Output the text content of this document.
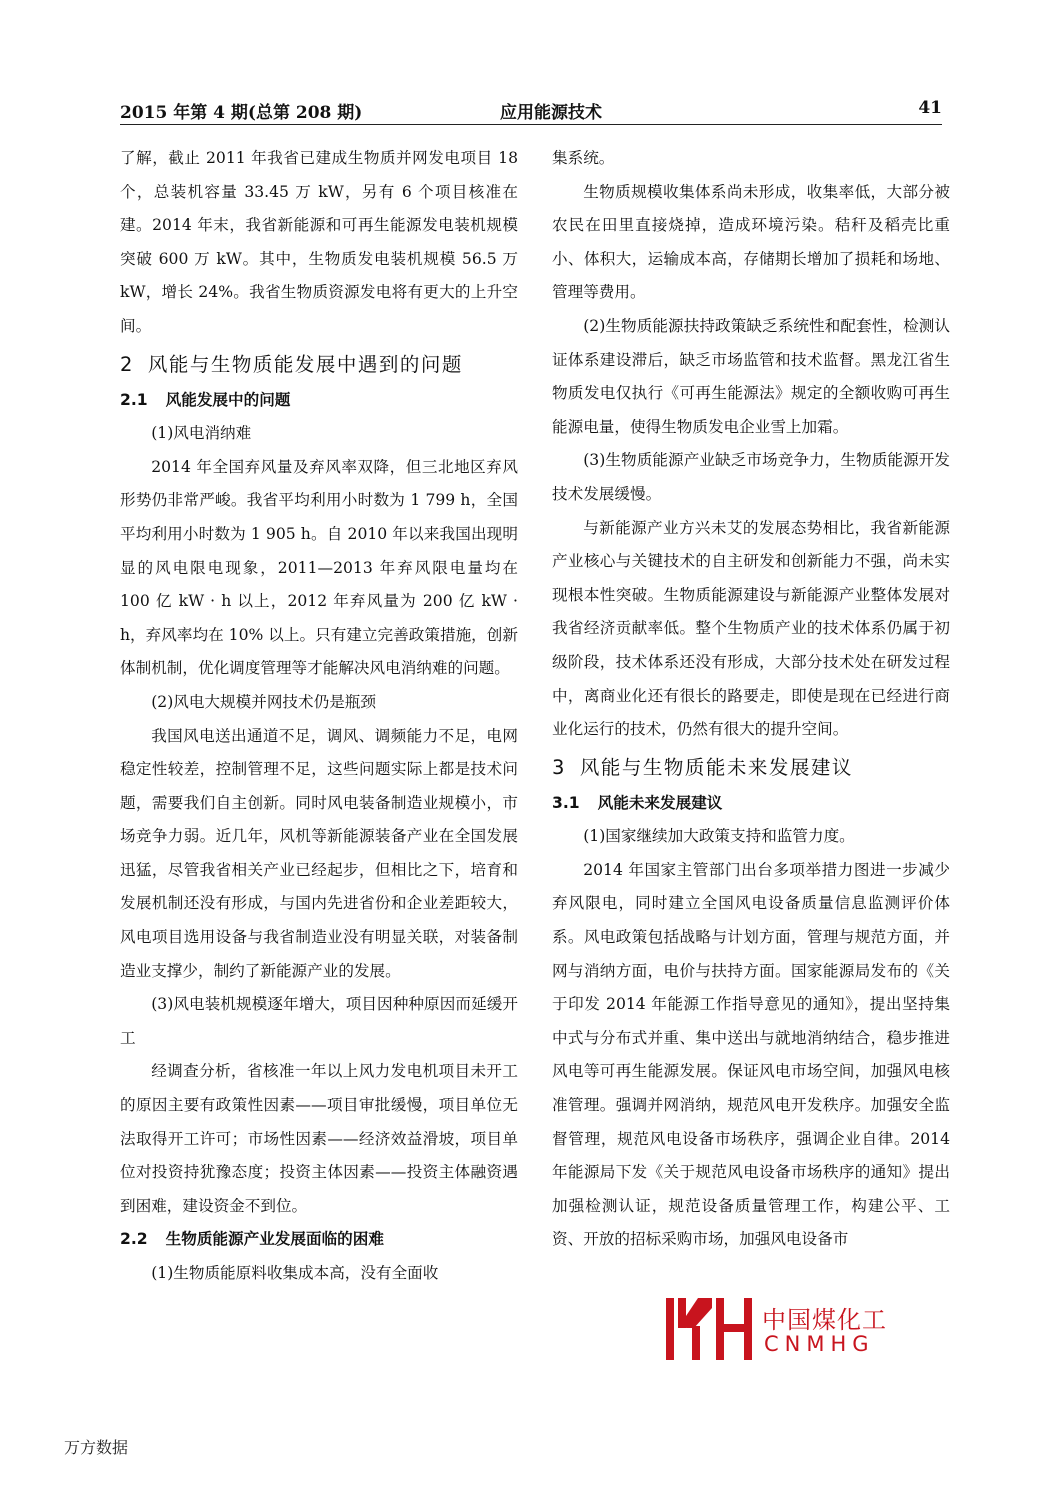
2015 年第 4 期(总第 208 期)	应用能源技术	41

了解，截止 2011 年我省已建成生物质并网发电项目 18 个，总装机容量 33.45 万 kW，另有 6 个项目核准在建。2014 年末，我省新能源和可再生能源发电装机规模突破 600 万 kW。其中，生物质发电装机规模 56.5 万 kW，增长 24%。我省生物质资源发电将有更大的上升空间。

2 风能与生物质能发展中遇到的问题
2.1 风能发展中的问题

(1)风电消纳难

2014 年全国弃风量及弃风率双降，但三北地区弃风形势仍非常严峻。我省平均利用小时数为 1 799 h，全国平均利用小时数为 1 905 h。自 2010 年以来我国出现明显的风电限电现象，2011—2013 年弃风限电量均在 100 亿 kW · h 以上，2012 年弃风量为 200 亿 kW · h，弃风率均在 10% 以上。只有建立完善政策措施，创新体制机制，优化调度管理等才能解决风电消纳难的问题。

(2)风电大规模并网技术仍是瓶颈

我国风电送出通道不足，调风、调频能力不足，电网稳定性较差，控制管理不足，这些问题实际上都是技术问题，需要我们自主创新。同时风电装备制造业规模小，市场竞争力弱。近几年，风机等新能源装备产业在全国发展迅猛，尽管我省相关产业已经起步，但相比之下，培育和发展机制还没有形成，与国内先进省份和企业差距较大，风电项目选用设备与我省制造业没有明显关联，对装备制造业支撑少，制约了新能源产业的发展。

(3)风电装机规模逐年增大，项目因种种原因而延缓开工

经调查分析，省核准一年以上风力发电机项目未开工的原因主要有政策性因素——项目审批缓慢，项目单位无法取得开工许可；市场性因素——经济效益滑坡，项目单位对投资持犹豫态度；投资主体因素——投资主体融资遇到困难，建设资金不到位。

2.2 生物质能源产业发展面临的困难

(1)生物质能原料收集成本高，没有全面收

集系统。

生物质规模收集体系尚未形成，收集率低，大部分被农民在田里直接烧掉，造成环境污染。秸秆及稻壳比重小、体积大，运输成本高，存储期长增加了损耗和场地、管理等费用。

(2)生物质能源扶持政策缺乏系统性和配套性，检测认证体系建设滞后，缺乏市场监管和技术监督。黑龙江省生物质发电仅执行《可再生能源法》规定的全额收购可再生能源电量，使得生物质发电企业雪上加霜。

(3)生物质能源产业缺乏市场竞争力，生物质能源开发技术发展缓慢。

与新能源产业方兴未艾的发展态势相比，我省新能源产业核心与关键技术的自主研发和创新能力不强，尚未实现根本性突破。生物质能源建设与新能源产业整体发展对我省经济贡献率低。整个生物质产业的技术体系仍属于初级阶段，技术体系还没有形成，大部分技术处在研发过程中，离商业化还有很长的路要走，即使是现在已经进行商业化运行的技术，仍然有很大的提升空间。

3 风能与生物质能未来发展建议
3.1 风能未来发展建议

(1)国家继续加大政策支持和监管力度。

2014 年国家主管部门出台多项举措力图进一步减少弃风限电，同时建立全国风电设备质量信息监测评价体系。风电政策包括战略与计划方面，管理与规范方面，并网与消纳方面，电价与扶持方面。国家能源局发布的《关于印发 2014 年能源工作指导意见的通知》，提出坚持集中式与分布式并重、集中送出与就地消纳结合，稳步推进风电等可再生能源发展。保证风电市场空间，加强风电核准管理。强调并网消纳，规范风电开发秩序。加强安全监督管理，规范风电设备市场秩序，强调企业自律。2014 年能源局下发《关于规范风电设备市场秩序的通知》提出加强检测认证，规范设备质量管理工作，构建公平、工资、开放的招标采购市场，加强风电设备市

中国煤化工
CNMHG
万方数据
